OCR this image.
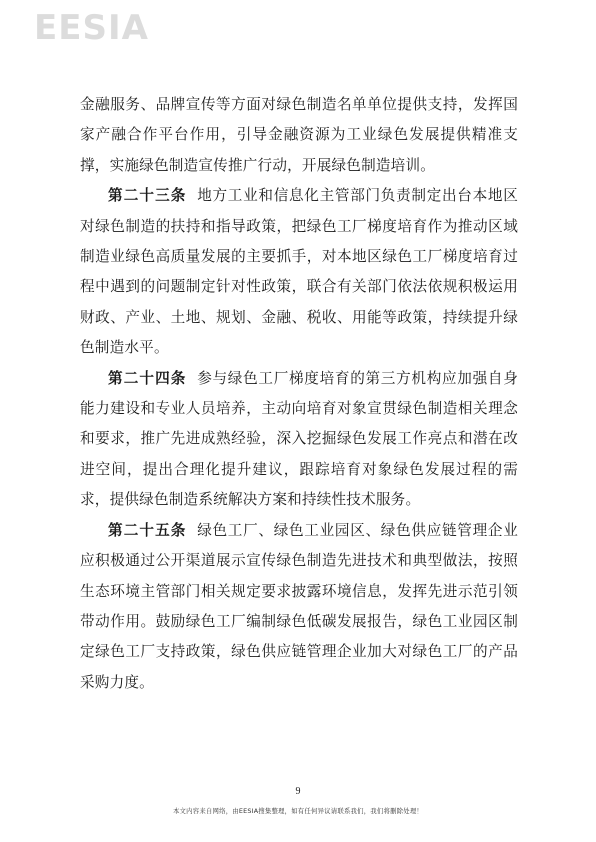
EESIA

金融服务、品牌宣传等方面对绿色制造名单单位提供支持，发挥国家产融合作平台作用，引导金融资源为工业绿色发展提供精准支撑，实施绿色制造宣传推广行动，开展绿色制造培训。

第二十三条 地方工业和信息化主管部门负责制定出台本地区对绿色制造的扶持和指导政策，把绿色工厂梯度培育作为推动区域制造业绿色高质量发展的主要抓手，对本地区绿色工厂梯度培育过程中遇到的问题制定针对性政策，联合有关部门依法依规积极运用财政、产业、土地、规划、金融、税收、用能等政策，持续提升绿色制造水平。

第二十四条 参与绿色工厂梯度培育的第三方机构应加强自身能力建设和专业人员培养，主动向培育对象宣贯绿色制造相关理念和要求，推广先进成熟经验，深入挖掘绿色发展工作亮点和潜在改进空间，提出合理化提升建议，跟踪培育对象绿色发展过程的需求，提供绿色制造系统解决方案和持续性技术服务。

第二十五条 绿色工厂、绿色工业园区、绿色供应链管理企业应积极通过公开渠道展示宣传绿色制造先进技术和典型做法，按照生态环境主管部门相关规定要求披露环境信息，发挥先进示范引领带动作用。鼓励绿色工厂编制绿色低碳发展报告，绿色工业园区制定绿色工厂支持政策，绿色供应链管理企业加大对绿色工厂的产品采购力度。

9
本文内容来自网络，由EESIA搜集整理，如有任何异议请联系我们，我们将删除处理！
